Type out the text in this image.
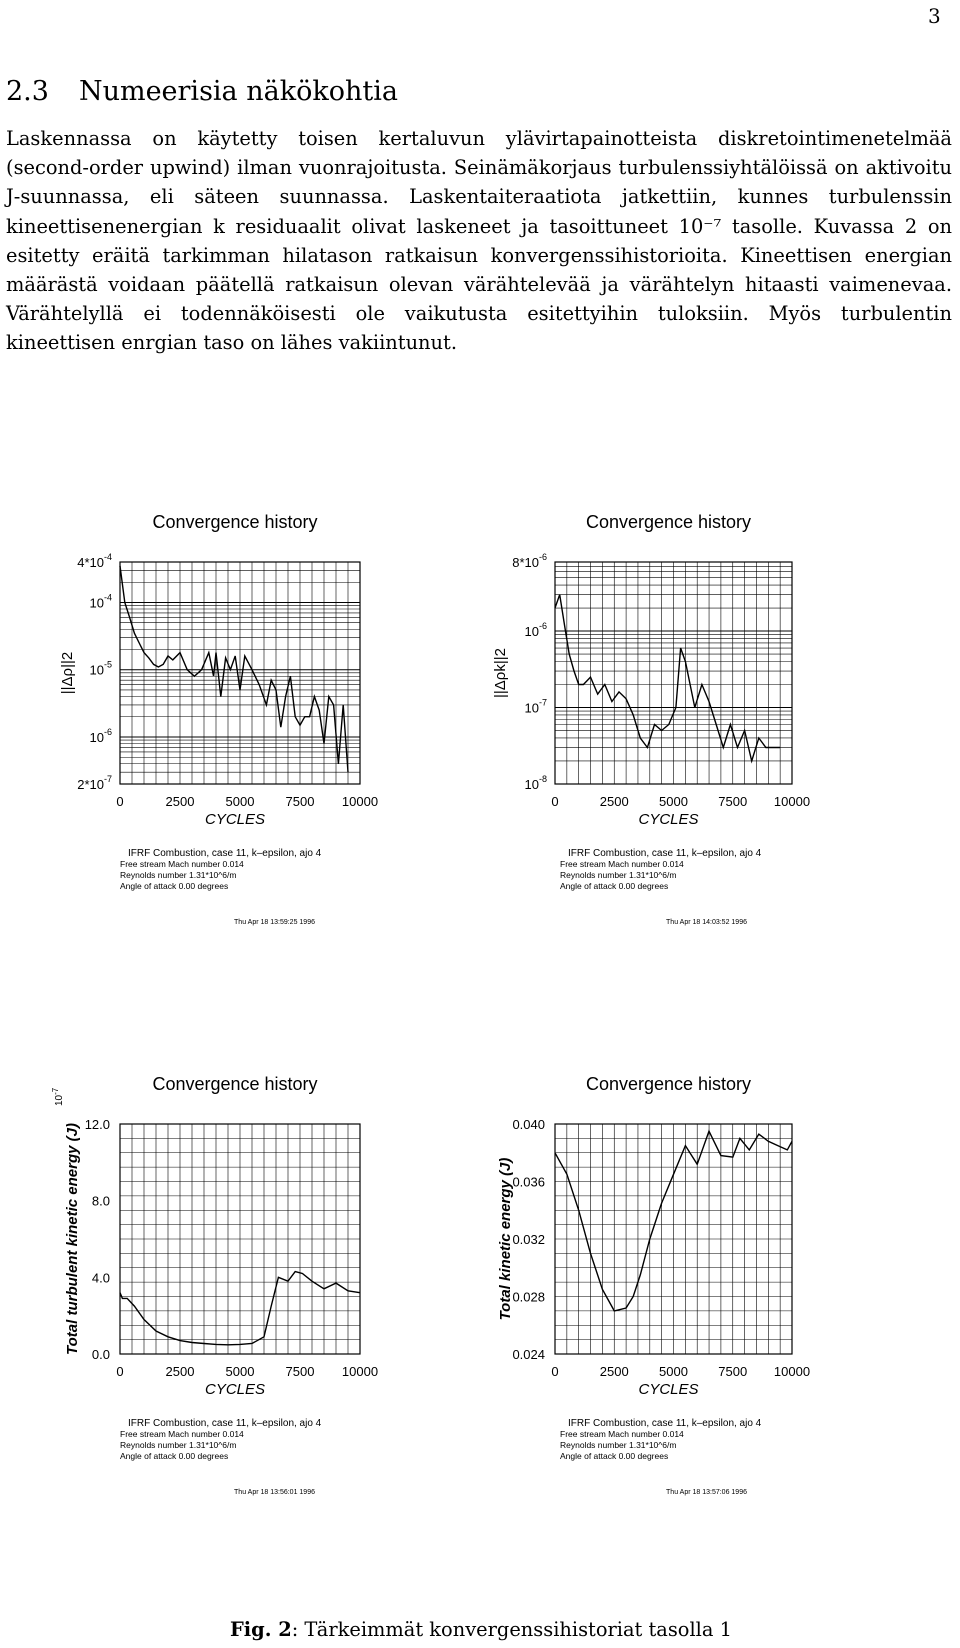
3
2.3 Numeerisia näkökohtia

Laskennassa on käytetty toisen kertaluvun ylävirtapainotteista diskretointimenetelmää (second-order upwind) ilman vuonrajoitusta. Seinämäkorjaus turbulenssiyhtälöissä on aktivoitu J-suunnassa, eli säteen suunnassa. Laskentaiteraatiota jatkettiin, kunnes turbulenssin kineettisenenergian k residuaalit olivat laskeneet ja tasoittuneet 10⁻⁷ tasolle. Kuvassa 2 on esitetty eräitä tarkimman hilatason ratkaisun konvergenssihistorioita. Kineettisen energian määrästä voidaan päätellä ratkaisun olevan värähtelevää ja värähtelyn hitaasti vaimenevaa. Värähtelyllä ei todennäköisesti ole vaikutusta esitettyihin tuloksiin. Myös turbulentin kineettisen enrgian taso on lähes vakiintunut.

Convergence history
0	2500 5000 7500 10000
CYCLES
$4*10^{-4}$
$10^{-4}$
$10^{-5}$
$10^{-6}$
$2*10^{-7}$
||Δρ||2
IFRF Combustion, case 11, k–epsilon, ajo 4
Free stream Mach number 0.014
Reynolds number 1.31*10^6/m
Angle of attack 0.00 degrees
Thu Apr 18 13:59:25 1996
Convergence history
0	2500 5000 7500 10000
CYCLES
$8*10^{-6}$
$10^{-6}$
$10^{-7}$
$10^{-8}$
||Δρk||2
IFRF Combustion, case 11, k–epsilon, ajo 4
Free stream Mach number 0.014
Reynolds number 1.31*10^6/m
Angle of attack 0.00 degrees
Thu Apr 18 14:03:52 1996
Convergence history
0	2500 5000 7500 10000
CYCLES
12.0
8.0
4.0
0.0
Total turbulent kinetic energy (J)
$10^{-7}$
IFRF Combustion, case 11, k–epsilon, ajo 4
Free stream Mach number 0.014
Reynolds number 1.31*10^6/m
Angle of attack 0.00 degrees
Thu Apr 18 13:56:01 1996
Convergence history
0	2500 5000 7500 10000
CYCLES
0.040
0.036
0.032
0.028
0.024
Total kinetic energy (J)
IFRF Combustion, case 11, k–epsilon, ajo 4
Free stream Mach number 0.014
Reynolds number 1.31*10^6/m
Angle of attack 0.00 degrees
Thu Apr 18 13:57:06 1996

Fig. 2: Tärkeimmät konvergenssihistoriat tasolla 1
